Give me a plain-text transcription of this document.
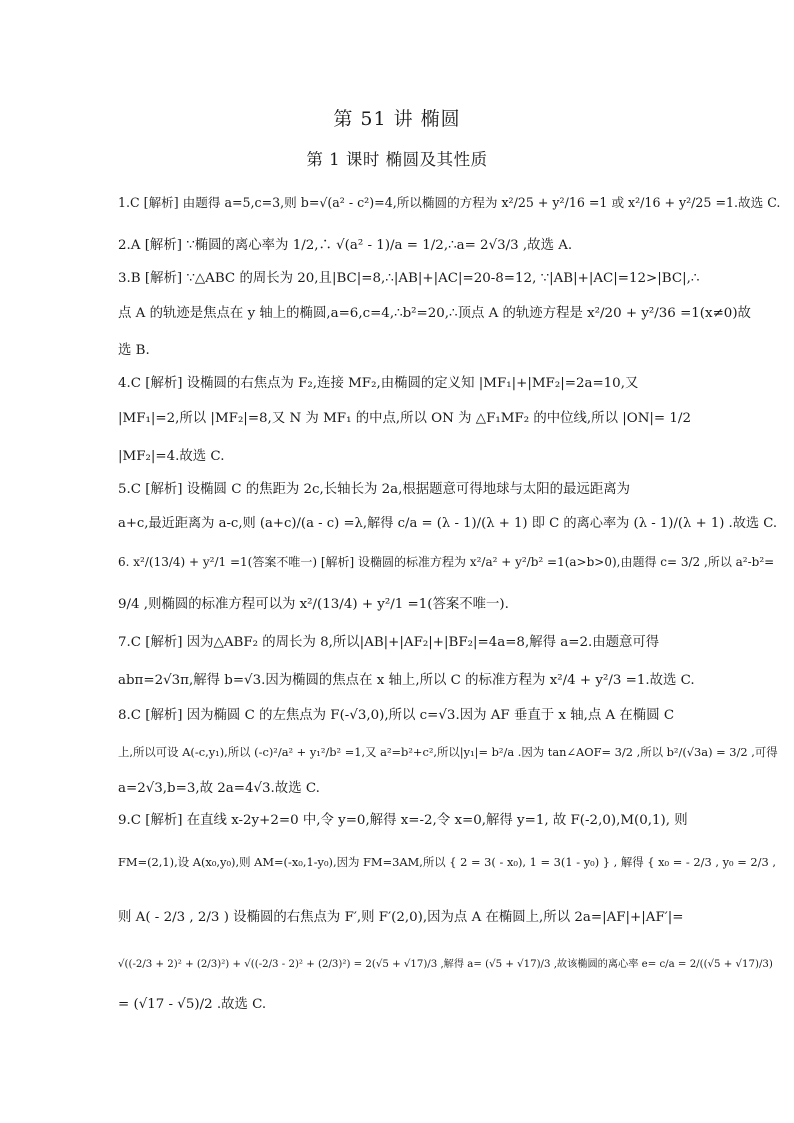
第 51 讲 椭圆
第 1 课时 椭圆及其性质
1.C [解析] 由题得 a=5,c=3,则 b=√(a² - c²)=4,所以椭圆的方程为 x²/25 + y²/16 =1 或 x²/16 + y²/25 =1.故选 C.
2.A [解析] ∵椭圆的离心率为 1/2,∴ √(a² - 1)/a = 1/2,∴a= 2√3/3 ,故选 A.
3.B [解析] ∵△ABC 的周长为 20,且|BC|=8,∴|AB|+|AC|=20-8=12, ∵|AB|+|AC|=12>|BC|,∴
点 A 的轨迹是焦点在 y 轴上的椭圆,a=6,c=4,∴b²=20,∴顶点 A 的轨迹方程是 x²/20 + y²/36 =1(x≠0)故
选 B.
4.C [解析] 设椭圆的右焦点为 F₂,连接 MF₂,由椭圆的定义知 |MF₁|+|MF₂|=2a=10,又
|MF₁|=2,所以 |MF₂|=8,又 N 为 MF₁ 的中点,所以 ON 为 △F₁MF₂ 的中位线,所以 |ON|= 1/2
|MF₂|=4.故选 C.
5.C [解析] 设椭圆 C 的焦距为 2c,长轴长为 2a,根据题意可得地球与太阳的最远距离为
a+c,最近距离为 a-c,则 (a+c)/(a - c) =λ,解得 c/a = (λ - 1)/(λ + 1) 即 C 的离心率为 (λ - 1)/(λ + 1) .故选 C.
6. x²/(13/4) + y²/1 =1(答案不唯一) [解析] 设椭圆的标准方程为 x²/a² + y²/b² =1(a>b>0),由题得 c= 3/2 ,所以 a²-b²=
9/4 ,则椭圆的标准方程可以为 x²/(13/4) + y²/1 =1(答案不唯一).
7.C [解析] 因为△ABF₂ 的周长为 8,所以|AB|+|AF₂|+|BF₂|=4a=8,解得 a=2.由题意可得
abπ=2√3π,解得 b=√3.因为椭圆的焦点在 x 轴上,所以 C 的标准方程为 x²/4 + y²/3 =1.故选 C.
8.C [解析] 因为椭圆 C 的左焦点为 F(-√3,0),所以 c=√3.因为 AF 垂直于 x 轴,点 A 在椭圆 C
上,所以可设 A(-c,y₁),所以 (-c)²/a² + y₁²/b² =1,又 a²=b²+c²,所以|y₁|= b²/a .因为 tan∠AOF= 3/2 ,所以 b²/(√3a) = 3/2 ,可得
a=2√3,b=3,故 2a=4√3.故选 C.
9.C [解析] 在直线 x-2y+2=0 中,令 y=0,解得 x=-2,令 x=0,解得 y=1, 故 F(-2,0),M(0,1), 则
FM=(2,1),设 A(x₀,y₀),则 AM=(-x₀,1-y₀),因为 FM=3AM,所以 { 2 = 3( - x₀), 1 = 3(1 - y₀) } , 解得 { x₀ = - 2/3 , y₀ = 2/3 ,
则 A( - 2/3 , 2/3 ) 设椭圆的右焦点为 F′,则 F′(2,0),因为点 A 在椭圆上,所以 2a=|AF|+|AF′|=
√((-2/3 + 2)² + (2/3)²) + √((-2/3 - 2)² + (2/3)²) = 2(√5 + √17)/3 ,解得 a= (√5 + √17)/3 ,故该椭圆的离心率 e= c/a = 2/((√5 + √17)/3)
= (√17 - √5)/2 .故选 C.
